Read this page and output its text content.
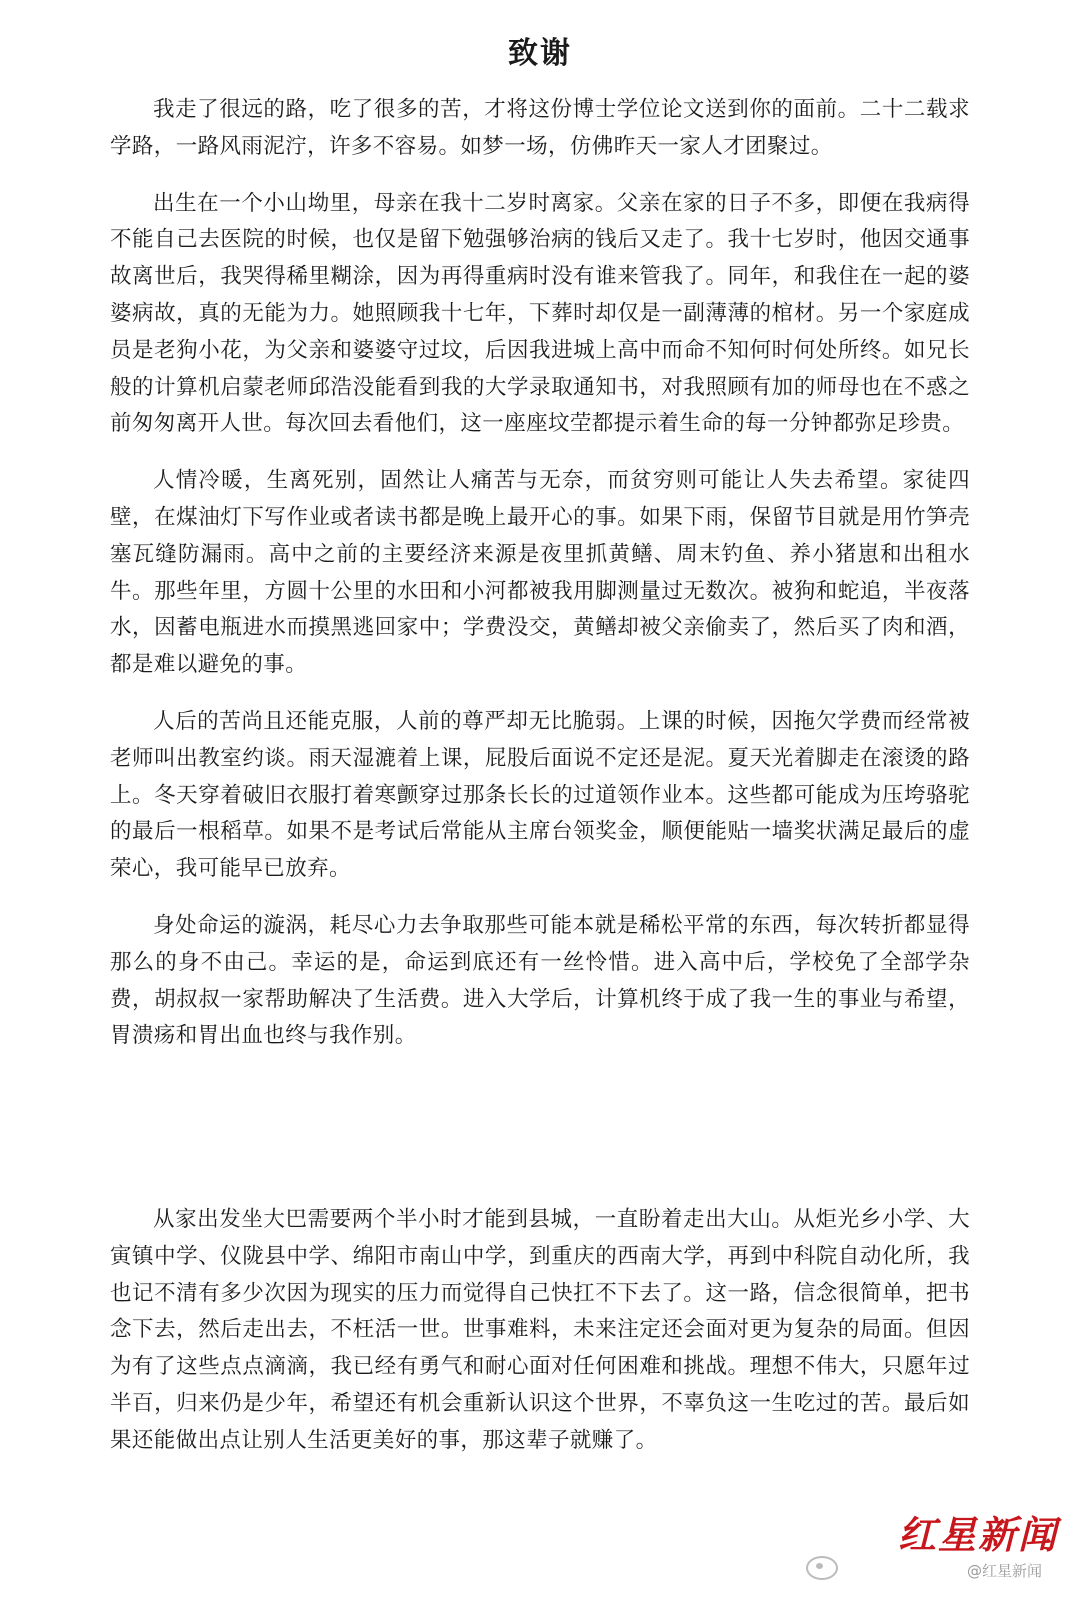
致谢

我走了很远的路，吃了很多的苦，才将这份博士学位论文送到你的面前。二十二载求学路，一路风雨泥泞，许多不容易。如梦一场，仿佛昨天一家人才团聚过。

出生在一个小山坳里，母亲在我十二岁时离家。父亲在家的日子不多，即便在我病得不能自己去医院的时候，也仅是留下勉强够治病的钱后又走了。我十七岁时，他因交通事故离世后，我哭得稀里糊涂，因为再得重病时没有谁来管我了。同年，和我住在一起的婆婆病故，真的无能为力。她照顾我十七年，下葬时却仅是一副薄薄的棺材。另一个家庭成员是老狗小花，为父亲和婆婆守过坟，后因我进城上高中而命不知何时何处所终。如兄长般的计算机启蒙老师邱浩没能看到我的大学录取通知书，对我照顾有加的师母也在不惑之前匆匆离开人世。每次回去看他们，这一座座坟茔都提示着生命的每一分钟都弥足珍贵。

人情冷暖，生离死别，固然让人痛苦与无奈，而贫穷则可能让人失去希望。家徒四壁，在煤油灯下写作业或者读书都是晚上最开心的事。如果下雨，保留节目就是用竹笋壳塞瓦缝防漏雨。高中之前的主要经济来源是夜里抓黄鳝、周末钓鱼、养小猪崽和出租水牛。那些年里，方圆十公里的水田和小河都被我用脚测量过无数次。被狗和蛇追，半夜落水，因蓄电瓶进水而摸黑逃回家中；学费没交，黄鳝却被父亲偷卖了，然后买了肉和酒，都是难以避免的事。

人后的苦尚且还能克服，人前的尊严却无比脆弱。上课的时候，因拖欠学费而经常被老师叫出教室约谈。雨天湿漉着上课，屁股后面说不定还是泥。夏天光着脚走在滚烫的路上。冬天穿着破旧衣服打着寒颤穿过那条长长的过道领作业本。这些都可能成为压垮骆驼的最后一根稻草。如果不是考试后常能从主席台领奖金，顺便能贴一墙奖状满足最后的虚荣心，我可能早已放弃。

身处命运的漩涡，耗尽心力去争取那些可能本就是稀松平常的东西，每次转折都显得那么的身不由己。幸运的是，命运到底还有一丝怜惜。进入高中后，学校免了全部学杂费，胡叔叔一家帮助解决了生活费。进入大学后，计算机终于成了我一生的事业与希望，胃溃疡和胃出血也终与我作别。

从家出发坐大巴需要两个半小时才能到县城，一直盼着走出大山。从炬光乡小学、大寅镇中学、仪陇县中学、绵阳市南山中学，到重庆的西南大学，再到中科院自动化所，我也记不清有多少次因为现实的压力而觉得自己快扛不下去了。这一路，信念很简单，把书念下去，然后走出去，不枉活一世。世事难料，未来注定还会面对更为复杂的局面。但因为有了这些点点滴滴，我已经有勇气和耐心面对任何困难和挑战。理想不伟大，只愿年过半百，归来仍是少年，希望还有机会重新认识这个世界，不辜负这一生吃过的苦。最后如果还能做出点让别人生活更美好的事，那这辈子就赚了。

红星新闻
@红星新闻
